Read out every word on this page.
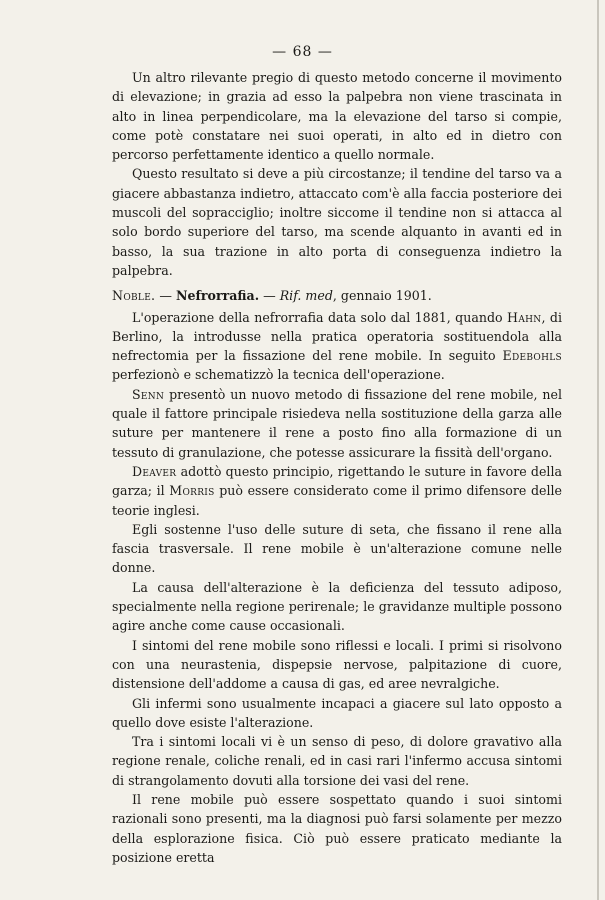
— 68 —

Un altro rilevante pregio di questo metodo concerne il movimento di elevazione; in grazia ad esso la palpebra non viene trascinata in alto in linea perpendicolare, ma la elevazione del tarso si compie, come potè constatare nei suoi operati, in alto ed in dietro con percorso perfettamente identico a quello normale.

Questo resultato si deve a più circostanze; il tendine del tarso va a giacere abbastanza indietro, attaccato com'è alla faccia posteriore dei muscoli del sopracciglio; inoltre siccome il tendine non si attacca al solo bordo superiore del tarso, ma scende alquanto in avanti ed in basso, la sua trazione in alto porta di conseguenza indietro la palpebra.

Noble. — Nefrorrafia. — Rif. med, gennaio 1901.

L'operazione della nefrorrafia data solo dal 1881, quando Hahn, di Berlino, la introdusse nella pratica operatoria sostituendola alla nefrectomia per la fissazione del rene mobile. In seguito Edebohls perfezionò e schematizzò la tecnica dell'operazione.

Senn presentò un nuovo metodo di fissazione del rene mobile, nel quale il fattore principale risiedeva nella sostituzione della garza alle suture per mantenere il rene a posto fino alla formazione di un tessuto di granulazione, che potesse assicurare la fissità dell'organo.

Deaver adottò questo principio, rigettando le suture in favore della garza; il Morris può essere considerato come il primo difensore delle teorie inglesi.

Egli sostenne l'uso delle suture di seta, che fissano il rene alla fascia trasversale. Il rene mobile è un'alterazione comune nelle donne.

La causa dell'alterazione è la deficienza del tessuto adiposo, specialmente nella regione perirenale; le gravidanze multiple possono agire anche come cause occasionali.

I sintomi del rene mobile sono riflessi e locali. I primi si risolvono con una neurastenia, dispepsie nervose, palpitazione di cuore, distensione dell'addome a causa di gas, ed aree nevralgiche.

Gli infermi sono usualmente incapaci a giacere sul lato opposto a quello dove esiste l'alterazione.

Tra i sintomi locali vi è un senso di peso, di dolore gravativo alla regione renale, coliche renali, ed in casi rari l'infermo accusa sintomi di strangolamento dovuti alla torsione dei vasi del rene.

Il rene mobile può essere sospettato quando i suoi sintomi razionali sono presenti, ma la diagnosi può farsi solamente per mezzo della esplorazione fisica. Ciò può essere praticato mediante la posizione eretta
